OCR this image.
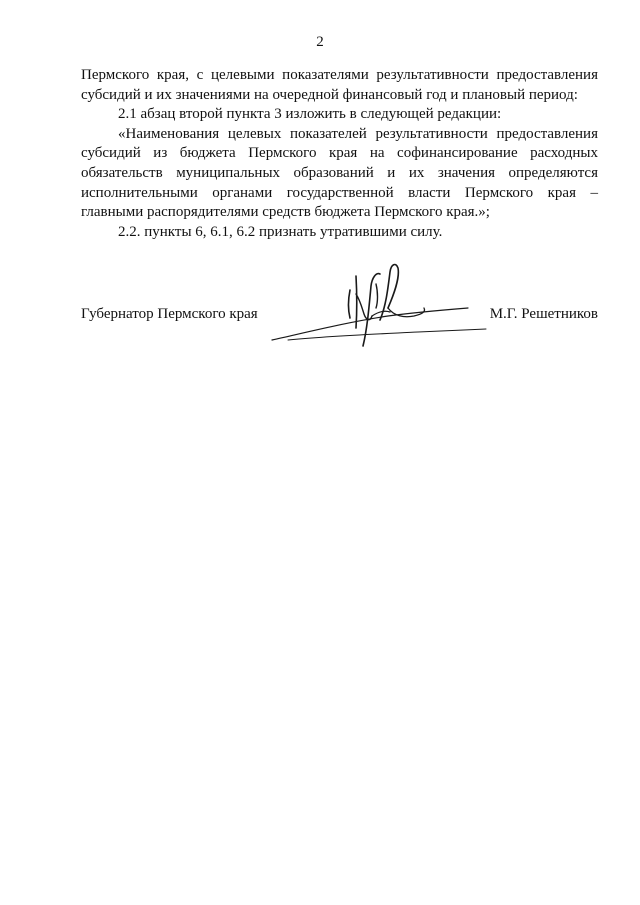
2

Пермского края, с целевыми показателями результативности предоставления субсидий и их значениями на очередной финансовый год и плановый период:

2.1 абзац второй пункта 3 изложить в следующей редакции:

«Наименования целевых показателей результативности предоставления субсидий из бюджета Пермского края на софинансирование расходных обязательств муниципальных образований и их значения определяются исполнительными органами государственной власти Пермского края – главными распорядителями средств бюджета Пермского края.»;

2.2. пункты 6, 6.1, 6.2 признать утратившими силу.

Губернатор Пермского края	М.Г. Решетников
